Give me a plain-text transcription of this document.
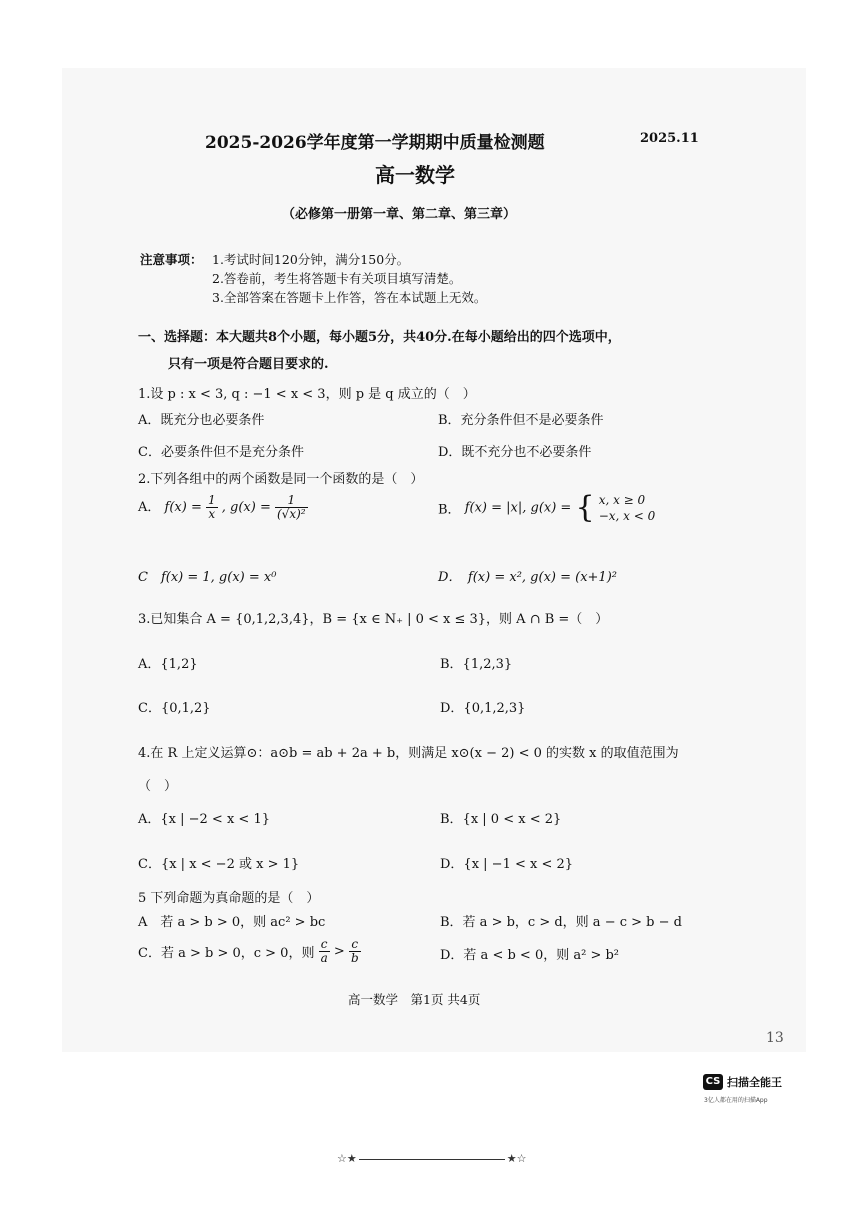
2025-2026学年度第一学期期中质量检测题	2025.11
高一数学
（必修第一册第一章、第二章、第三章）
注意事项： 1.考试时间120分钟，满分150分。
2.答卷前，考生将答题卡有关项目填写清楚。
3.全部答案在答题卡上作答，答在本试题上无效。
一、选择题：本大题共8个小题，每小题5分，共40分.在每小题给出的四个选项中，
只有一项是符合题目要求的.
1.设 p : x < 3, q : −1 < x < 3，则 p 是 q 成立的（　）
A．既充分也必要条件	B．充分条件但不是必要条件
C．必要条件但不是充分条件	D．既不充分也不必要条件
2.下列各组中的两个函数是同一个函数的是（　）
A． $f(x) = \frac{1}{x}$ , $g(x) = \frac{1}{\text{(√x)²}}$	B． f(x) = |x|, g(x) = { x, x ≥ 0
−x, x < 0
C　f(x) = 1, g(x) = x⁰	D．　f(x) = x², g(x) = (x+1)²
3.已知集合 A = {0,1,2,3,4}，B = {x ∈ N₊ | 0 < x ≤ 3}，则 A ∩ B =（　）
A．{1,2}	B．{1,2,3}
C．{0,1,2}	D．{0,1,2,3}
4.在 R 上定义运算⊙：a⊙b = ab + 2a + b，则满足 x⊙(x − 2) < 0 的实数 x 的取值范围为
（　）
A．{x | −2 < x < 1}	B．{x | 0 < x < 2}
C．{x | x < −2 或 x > 1}	D．{x | −1 < x < 2}
5 下列命题为真命题的是（　）
A　若 a > b > 0，则 ac² > bc	B．若 a > b，c > d，则 a − c > b − d
C．若 a > b > 0，c > 0，则 $\frac{c}{a} > \frac{c}{b}$	D．若 a < b < 0，则 a² > b²
高一数学　第1页 共4页
13
CS 扫描全能王
3亿人都在用的扫描App
☆★	★☆
